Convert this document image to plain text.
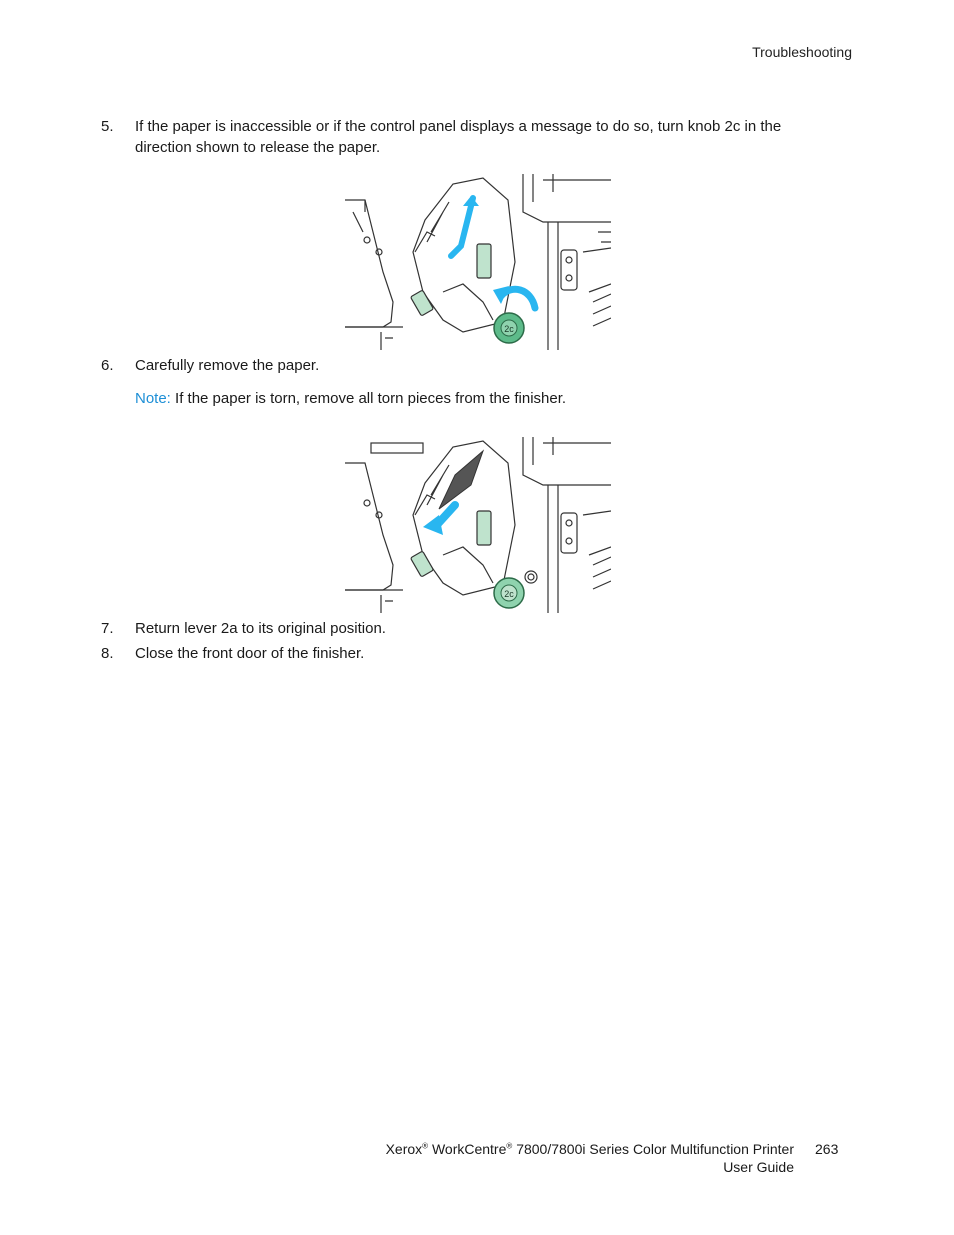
Troubleshooting
5.	If the paper is inaccessible or if the control panel displays a message to do so, turn knob 2c in the direction shown to release the paper.
2c
6.	Carefully remove the paper.
Note: If the paper is torn, remove all torn pieces from the finisher.
2c
7.	Return lever 2a to its original position.
8.	Close the front door of the finisher.
Xerox® WorkCentre® 7800/7800i Series Color Multifunction Printer
User Guide
263
